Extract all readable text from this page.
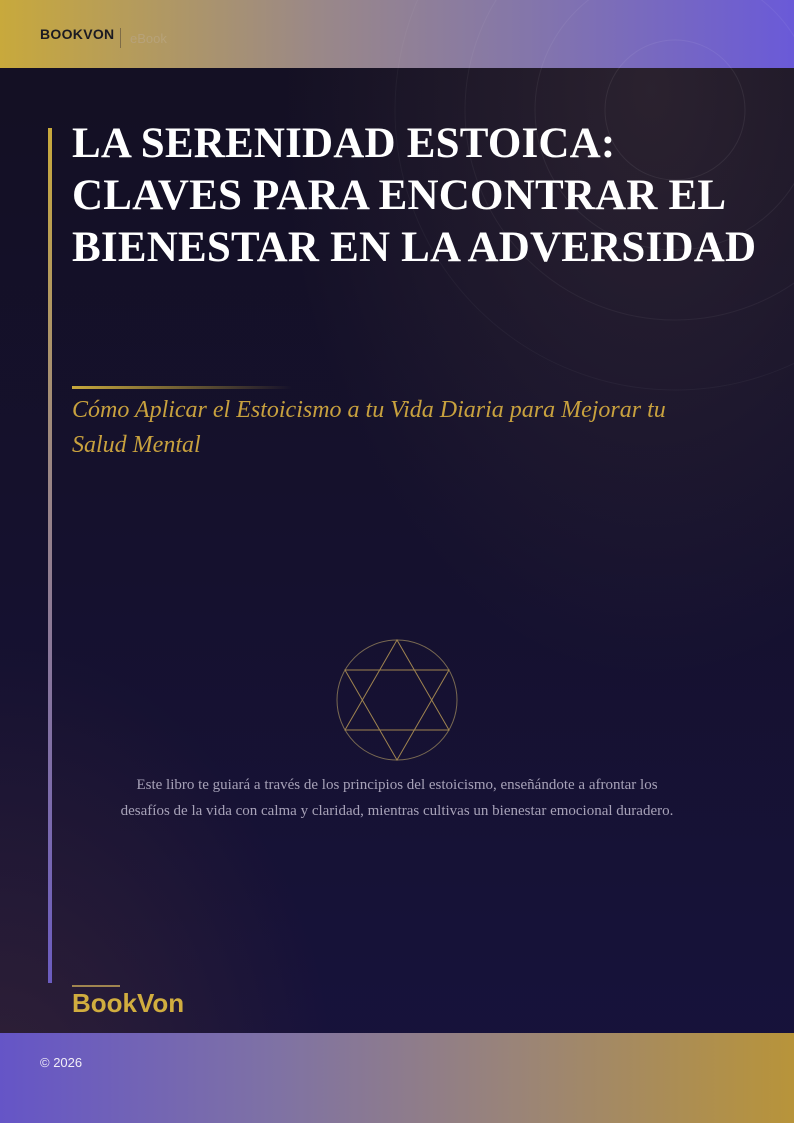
BOOKVON eBook
LA SERENIDAD ESTOICA: CLAVES PARA ENCONTRAR EL BIENESTAR EN LA ADVERSIDAD

Cómo Aplicar el Estoicismo a tu Vida Diaria para Mejorar tu Salud Mental

Este libro te guiará a través de los principios del estoicismo, enseñándote a afrontar los desafíos de la vida con calma y claridad, mientras cultivas un bienestar emocional duradero.

BookVon
© 2026
